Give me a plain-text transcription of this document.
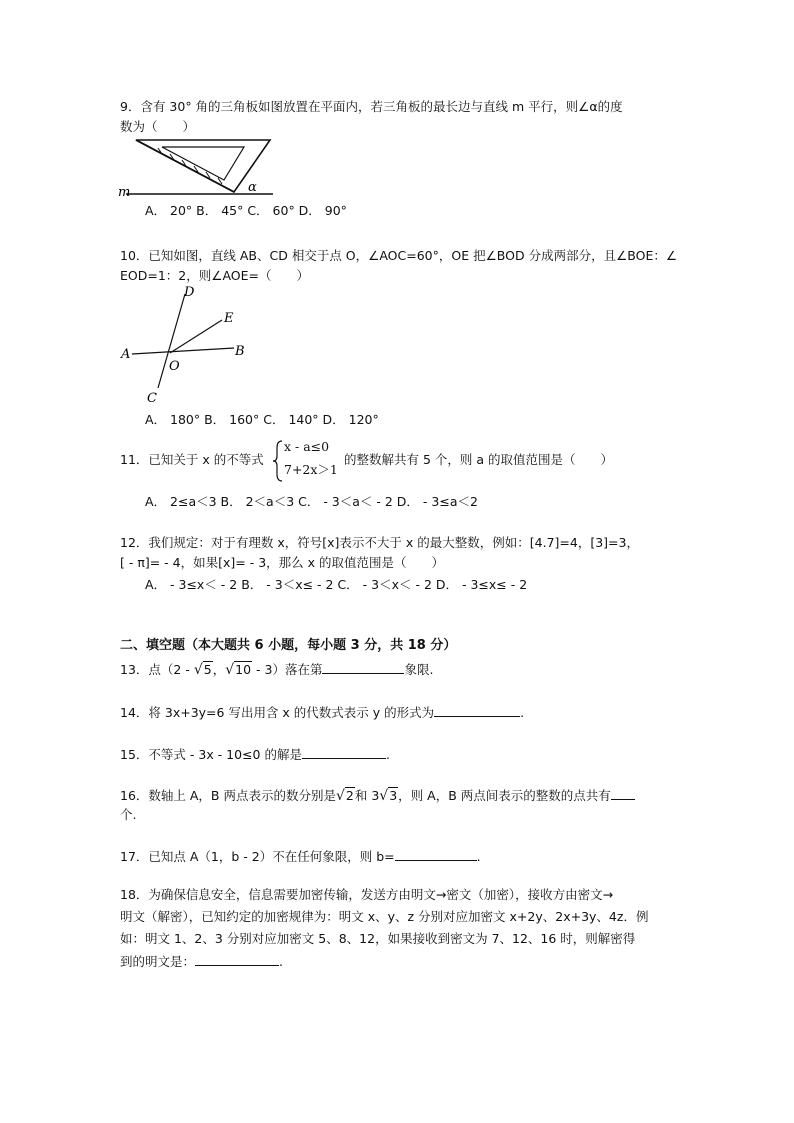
9．含有 30° 角的三角板如图放置在平面内，若三角板的最长边与直线 m 平行，则∠α的度
数为（　　）
m	α
A． 20° B． 45° C． 60° D． 90°
10．已知如图，直线 AB、CD 相交于点 O，∠AOC=60°，OE 把∠BOD 分成两部分，且∠BOE：∠
EOD=1：2，则∠AOE=（　　）
A	B
C
D
E
O
A． 180° B． 160° C． 140° D． 120°
11．已知关于 x 的不等式
x - a≤0
7+2x＞1
的整数解共有 5 个，则 a 的取值范围是（　　）
A． 2≤a＜3 B． 2＜a＜3 C． - 3＜a＜ - 2 D． - 3≤a＜2
12．我们规定：对于有理数 x，符号[x]表示不大于 x 的最大整数，例如：[4.7]=4，[3]=3，
[ - π]= - 4，如果[x]= - 3，那么 x 的取值范围是（　　）
A． - 3≤x＜ - 2 B． - 3＜x≤ - 2 C． - 3＜x＜ - 2 D． - 3≤x≤ - 2
二、填空题（本大题共 6 小题，每小题 3 分，共 18 分）
13．点（2 - √5，√10 - 3）落在第	象限.
14．将 3x+3y=6 写出用含 x 的代数式表示 y 的形式为	.
15．不等式 - 3x - 10≤0 的解是	.
16．数轴上 A，B 两点表示的数分别是√2和 3√3，则 A，B 两点间表示的整数的点共有
个.
17．已知点 A（1，b - 2）不在任何象限，则 b=	.
18．为确保信息安全，信息需要加密传输，发送方由明文→密文（加密），接收方由密文→
明文（解密），已知约定的加密规律为：明文 x、y、z 分别对应加密文 x+2y、2x+3y、4z．例
如：明文 1、2、3 分别对应加密文 5、8、12，如果接收到密文为 7、12、16 时，则解密得
到的明文是：	.
